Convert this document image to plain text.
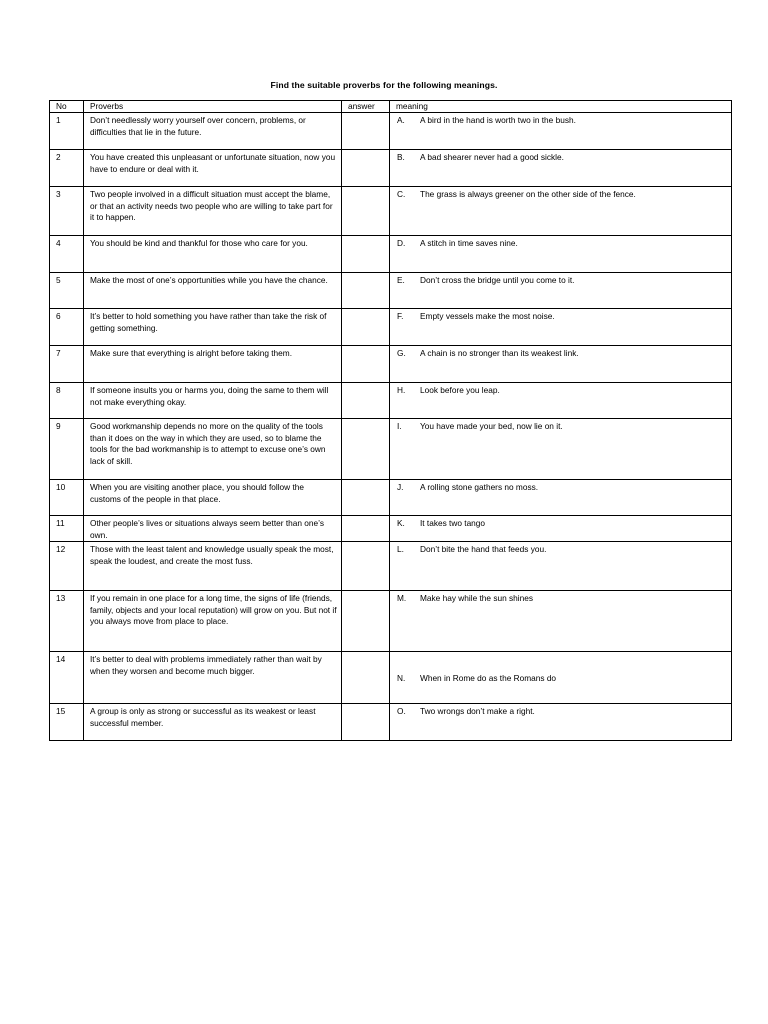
Find the suitable proverbs for the following meanings.
No	Proverbs	answer	meaning
1	Don’t needlessly worry yourself over concern, problems, or difficulties that lie in the future.		A. A bird in the hand is worth two in the bush.

2	You have created this unpleasant or unfortunate situation, now you have to endure or deal with it.		B. A bad shearer never had a good sickle.

3	Two people involved in a difficult situation must accept the blame, or that an activity needs two people who are willing to take part for it to happen.		C. The grass is always greener on the other side of the fence.

4	You should be kind and thankful for those who care for you.		D. A stitch in time saves nine.

5	Make the most of one’s opportunities while you have the chance.		E. Don’t cross the bridge until you come to it.

6	It’s better to hold something you have rather than take the risk of getting something.		F. Empty vessels make the most noise.

7	Make sure that everything is alright before taking them.		G. A chain is no stronger than its weakest link.

8	If someone insults you or harms you, doing the same to them will not make everything okay.		H. Look before you leap.

9	Good workmanship depends no more on the quality of the tools than it does on the way in which they are used, so to blame the tools for the bad workmanship is to attempt to excuse one’s own lack of skill.		I. You have made your bed, now lie on it.

10	When you are visiting another place, you should follow the customs of the people in that place.		J. A rolling stone gathers no moss.

11	Other people’s lives or situations always seem better than one’s own.		K. It takes two tango

12	Those with the least talent and knowledge usually speak the most, speak the loudest, and create the most fuss.		L. Don’t bite the hand that feeds you.

13	If you remain in one place for a long time, the signs of life (friends, family, objects and your local reputation) will grow on you. But not if you always move from place to place.		M. Make hay while the sun shines

14	It’s better to deal with problems immediately rather than wait by when they worsen and become much bigger.		N. When in Rome do as the Romans do

15	A group is only as strong or successful as its weakest or least successful member.		O. Two wrongs don’t make a right.
